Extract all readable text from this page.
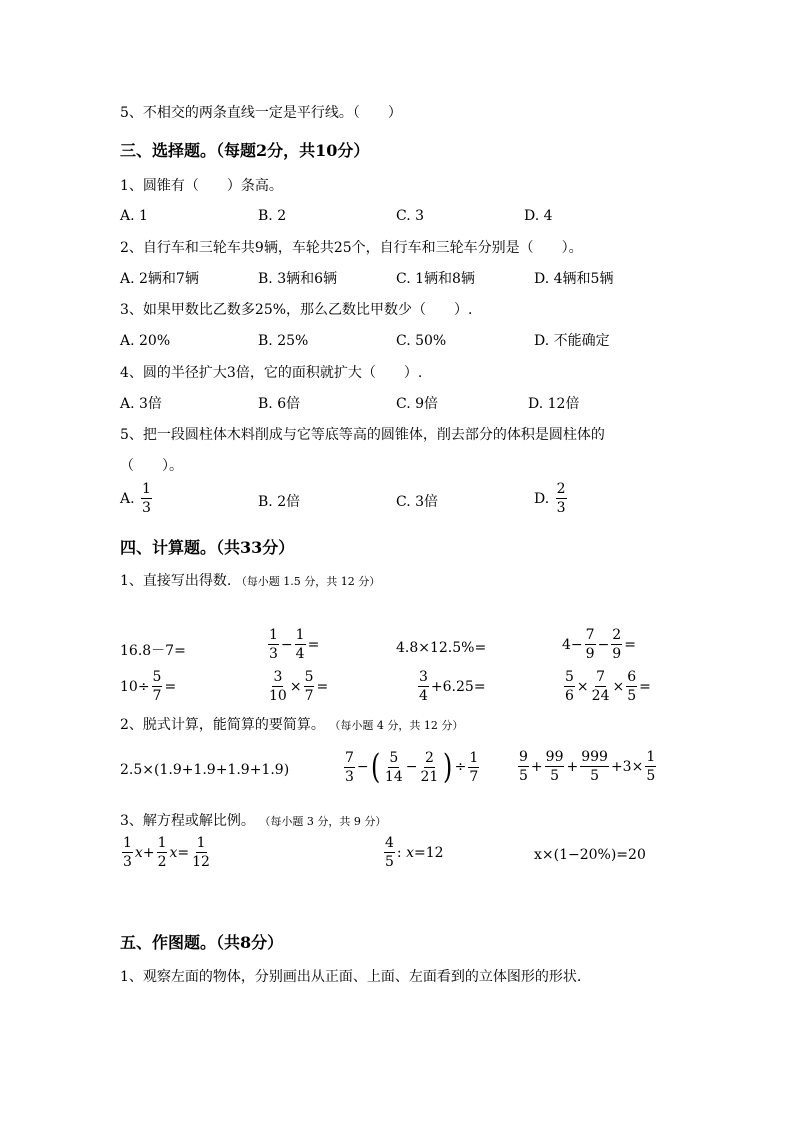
5、不相交的两条直线一定是平行线。（　　）
三、选择题。（每题2分，共10分）
1、圆锥有（　　）条高。
A. 1	B. 2	C. 3	D. 4
2、自行车和三轮车共9辆，车轮共25个，自行车和三轮车分别是（　　）。
A. 2辆和7辆	B. 3辆和6辆	C. 1辆和8辆	D. 4辆和5辆
3、如果甲数比乙数多25%，那么乙数比甲数少（　　）.
A. 20%	B. 25%	C. 50%	D. 不能确定
4、圆的半径扩大3倍，它的面积就扩大（　　）.
A. 3倍	B. 6倍	C. 9倍	D. 12倍
5、把一段圆柱体木料削成与它等底等高的圆锥体，削去部分的体积是圆柱体的
（　　）。
A.
$\frac{1}{3}$	B. 2倍	C. 3倍	D.
$\frac{2}{3}$
四、计算题。（共33分）
1、直接写出得数. （每小题 1.5 分，共 12 分）
16.8－7=	$\frac{1}{3} - \frac{1}{4}$ =	4.8×12.5%=	$4- \frac{7}{9} - \frac{2}{9}$ =
$10\div \frac{5}{7}$ =	$\frac{3}{10} \times \frac{5}{7}$ =	$\frac{3}{4} +6.25=$	$\frac{5}{6} \times \frac{7}{24} \times \frac{6}{5}$ =
2、脱式计算，能简算的要简算。 （每小题 4 分，共 12 分）
2.5×(1.9+1.9+1.9+1.9)	$\frac{7}{3}$ − ( $\frac{5}{14} - \frac{2}{21}$ ) ÷ $\frac{1}{7}$	$\frac{9}{5} + \frac{99}{5} + \frac{999}{5} +3\times \frac{1}{5}$
3、解方程或解比例。 （每小题 3 分，共 9 分）
$\frac{1}{3}$ $x + \frac{1}{2}$ $x = \frac{1}{12}$	$\frac{4}{5}$ : x =12	x×(1−20%)=20
五、作图题。（共8分）
1、观察左面的物体，分别画出从正面、上面、左面看到的立体图形的形状.
